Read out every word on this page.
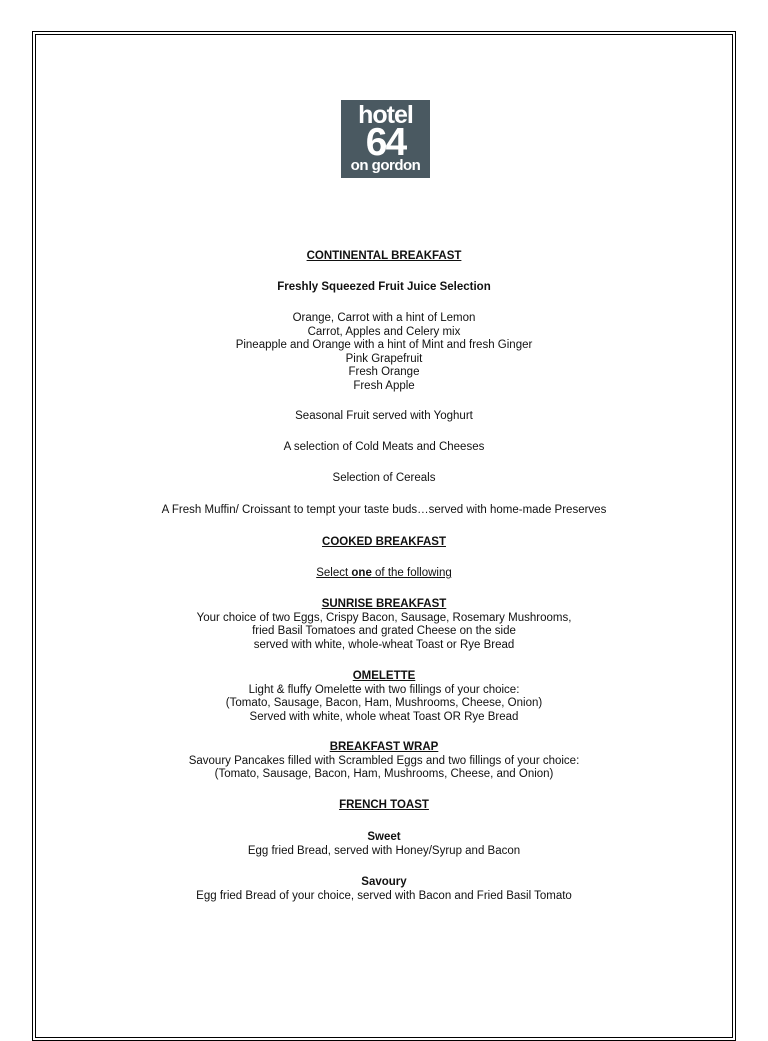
hotel
64
on gordon
CONTINENTAL BREAKFAST
Freshly Squeezed Fruit Juice Selection
Orange, Carrot with a hint of Lemon
Carrot, Apples and Celery mix
Pineapple and Orange with a hint of Mint and fresh Ginger
Pink Grapefruit
Fresh Orange
Fresh Apple
Seasonal Fruit served with Yoghurt
A selection of Cold Meats and Cheeses
Selection of Cereals
A Fresh Muffin/ Croissant to tempt your taste buds…served with home-made Preserves
COOKED BREAKFAST
Select one of the following
SUNRISE BREAKFAST
Your choice of two Eggs, Crispy Bacon, Sausage, Rosemary Mushrooms,
fried Basil Tomatoes and grated Cheese on the side
served with white, whole-wheat Toast or Rye Bread
OMELETTE
Light & fluffy Omelette with two fillings of your choice:
(Tomato, Sausage, Bacon, Ham, Mushrooms, Cheese, Onion)
Served with white, whole wheat Toast OR Rye Bread
BREAKFAST WRAP
Savoury Pancakes filled with Scrambled Eggs and two fillings of your choice:
(Tomato, Sausage, Bacon, Ham, Mushrooms, Cheese, and Onion)
FRENCH TOAST
Sweet
Egg fried Bread, served with Honey/Syrup and Bacon
Savoury
Egg fried Bread of your choice, served with Bacon and Fried Basil Tomato
